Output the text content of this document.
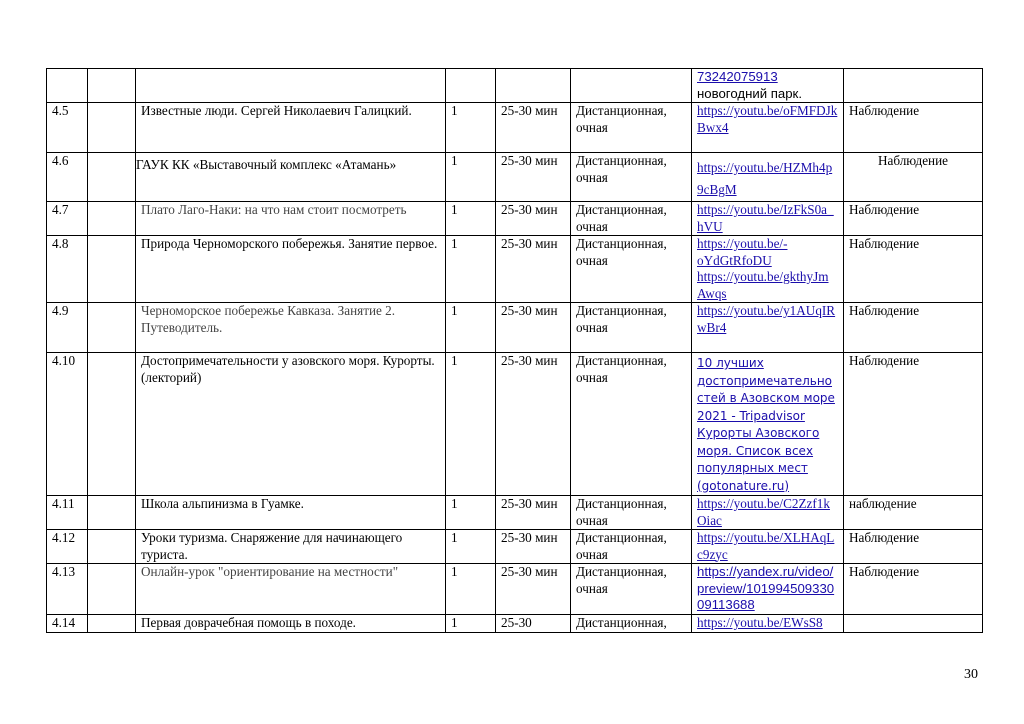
						73242075913
новогодний парк.	
4.5		Известные люди. Сергей Николаевич Галицкий.	1	25-30 мин	Дистанционная, очная	https://youtu.be/oFMFDJkBwx4	Наблюдение
4.6		ГАУК КК «Выставочный комплекс «Атамань»	1	25-30 мин	Дистанционная, очная	https://youtu.be/HZMh4p9cBgM	Наблюдение
4.7		Плато Лаго-Наки: на что нам стоит посмотреть	1	25-30 мин	Дистанционная, очная	https://youtu.be/IzFkS0a_hVU	Наблюдение
4.8		Природа Черноморского побережья. Занятие первое.	1	25-30 мин	Дистанционная, очная	https://youtu.be/-oYdGtRfoDU
https://youtu.be/gkthyJmAwqs	Наблюдение
4.9		Черноморское побережье Кавказа. Занятие 2. Путеводитель.	1	25-30 мин	Дистанционная, очная	https://youtu.be/y1AUqIRwBr4	Наблюдение
4.10		Достопримечательности у азовского моря. Курорты. (лекторий)	1	25-30 мин	Дистанционная, очная	10 лучших достопримечательностей в Азовском море 2021 - Tripadvisor
Курорты Азовского моря. Список всех популярных мест (gotonature.ru)	Наблюдение
4.11		Школа альпинизма в Гуамке.	1	25-30 мин	Дистанционная, очная	https://youtu.be/C2Zzf1kOiac	наблюдение
4.12		Уроки туризма. Снаряжение для начинающего туриста.	1	25-30 мин	Дистанционная, очная	https://youtu.be/XLHAqLc9zyc	Наблюдение
4.13		Онлайн-урок "ориентирование на местности"	1	25-30 мин	Дистанционная, очная	https://yandex.ru/video/preview/10199450933009113688	Наблюдение
4.14		Первая доврачебная помощь в походе.	1	25-30	Дистанционная,	https://youtu.be/EWsS8	
30
